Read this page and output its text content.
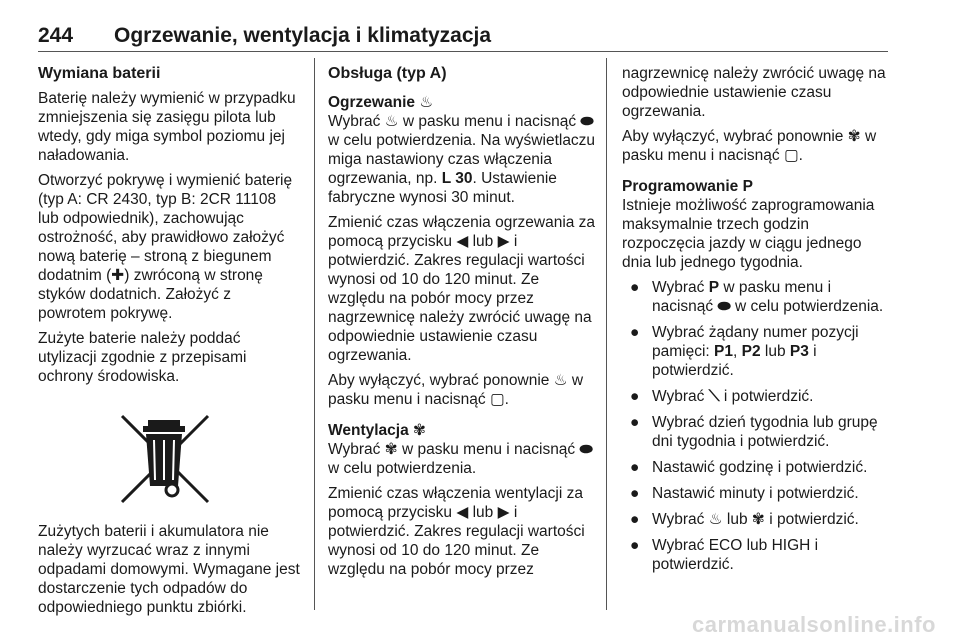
244 Ogrzewanie, wentylacja i klimatyzacja
Wymiana baterii

Baterię należy wymienić w przypadku zmniejszenia się zasięgu pilota lub wtedy, gdy miga symbol poziomu jej naładowania.

Otworzyć pokrywę i wymienić baterię (typ A: CR 2430, typ B: 2CR 11108 lub odpowiednik), zachowując ostrożność, aby prawidłowo założyć nową baterię – stroną z biegunem dodatnim (✚) zwróconą w stronę styków dodatnich. Założyć z powrotem pokrywę.

Zużyte baterie należy poddać utylizacji zgodnie z przepisami ochrony środowiska.

Zużytych baterii i akumulatora nie należy wyrzucać wraz z innymi odpadami domowymi. Wymagane jest dostarczenie tych odpadów do odpowiedniego punktu zbiórki.

Obsługa (typ A)
Ogrzewanie ♨

Wybrać ♨ w pasku menu i nacisnąć ⬬ w celu potwierdzenia. Na wyświetlaczu miga nastawiony czas włączenia ogrzewania, np. L 30. Ustawienie fabryczne wynosi 30 minut.

Zmienić czas włączenia ogrzewania za pomocą przycisku ◀ lub ▶ i potwierdzić. Zakres regulacji wartości wynosi od 10 do 120 minut. Ze względu na pobór mocy przez nagrzewnicę należy zwrócić uwagę na odpowiednie ustawienie czasu ogrzewania.

Aby wyłączyć, wybrać ponownie ♨ w pasku menu i nacisnąć ▢.

Wentylacja ✾

Wybrać ✾ w pasku menu i nacisnąć ⬬ w celu potwierdzenia.

Zmienić czas włączenia wentylacji za pomocą przycisku ◀ lub ▶ i potwierdzić. Zakres regulacji wartości wynosi od 10 do 120 minut. Ze względu na pobór mocy przez

nagrzewnicę należy zwrócić uwagę na odpowiednie ustawienie czasu ogrzewania.

Aby wyłączyć, wybrać ponownie ✾ w pasku menu i nacisnąć ▢.

Programowanie P

Istnieje możliwość zaprogramowania maksymalnie trzech godzin rozpoczęcia jazdy w ciągu jednego dnia lub jednego tygodnia.

● Wybrać P w pasku menu i nacisnąć ⬬ w celu potwierdzenia.
● Wybrać żądany numer pozycji pamięci: P1, P2 lub P3 i potwierdzić.
● Wybrać ⟍ i potwierdzić.
● Wybrać dzień tygodnia lub grupę dni tygodnia i potwierdzić.
● Nastawić godzinę i potwierdzić.
● Nastawić minuty i potwierdzić.
● Wybrać ♨ lub ✾ i potwierdzić.
● Wybrać ECO lub HIGH i potwierdzić.
carmanualsonline.info
